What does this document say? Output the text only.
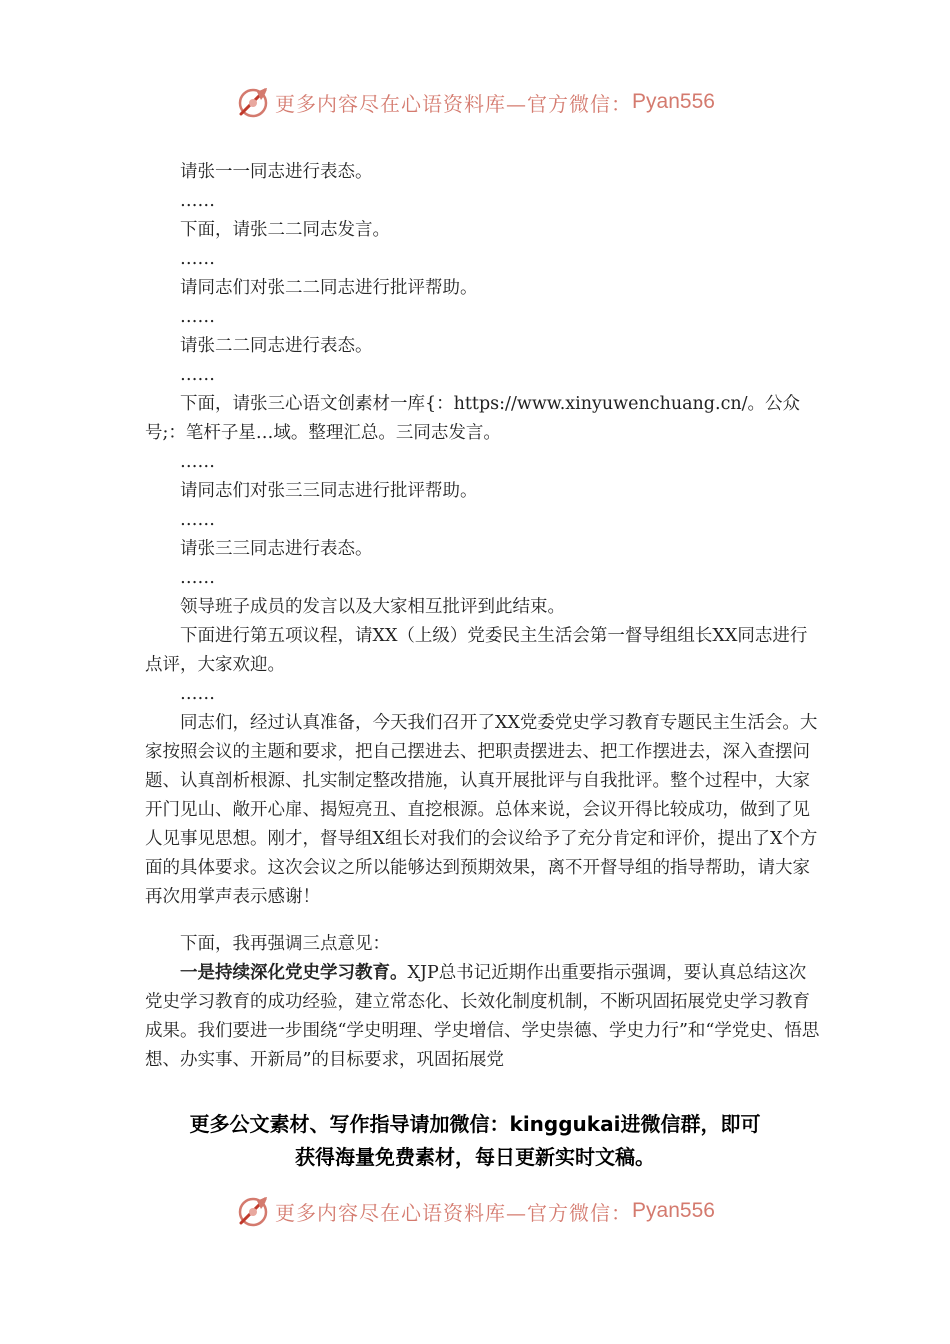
更多内容尽在心语资料库—官方微信： Pyan556

请张一一同志进行表态。

……

下面，请张二二同志发言。

……

请同志们对张二二同志进行批评帮助。

……

请张二二同志进行表态。

……

下面，请张三心语文创素材一库{：https://www.xinyuwenchuang.cn/。公众号;：笔杆子星…域。整理汇总。三同志发言。

……

请同志们对张三三同志进行批评帮助。

……

请张三三同志进行表态。

……

领导班子成员的发言以及大家相互批评到此结束。

下面进行第五项议程，请XX（上级）党委民主生活会第一督导组组长XX同志进行点评，大家欢迎。

……

同志们，经过认真准备，今天我们召开了XX党委党史学习教育专题民主生活会。大家按照会议的主题和要求，把自己摆进去、把职责摆进去、把工作摆进去，深入查摆问题、认真剖析根源、扎实制定整改措施，认真开展批评与自我批评。整个过程中，大家开门见山、敞开心扉、揭短亮丑、直挖根源。总体来说，会议开得比较成功，做到了见人见事见思想。刚才，督导组X组长对我们的会议给予了充分肯定和评价，提出了X个方面的具体要求。这次会议之所以能够达到预期效果，离不开督导组的指导帮助，请大家再次用掌声表示感谢！

下面，我再强调三点意见：

一是持续深化党史学习教育。XJP总书记近期作出重要指示强调，要认真总结这次党史学习教育的成功经验，建立常态化、长效化制度机制，不断巩固拓展党史学习教育成果。我们要进一步围绕“学史明理、学史增信、学史崇德、学史力行”和“学党史、悟思想、办实事、开新局”的目标要求，巩固拓展党

更多公文素材、写作指导请加微信：kinggukai进微信群，即可
获得海量免费素材，每日更新实时文稿。
更多内容尽在心语资料库—官方微信： Pyan556
